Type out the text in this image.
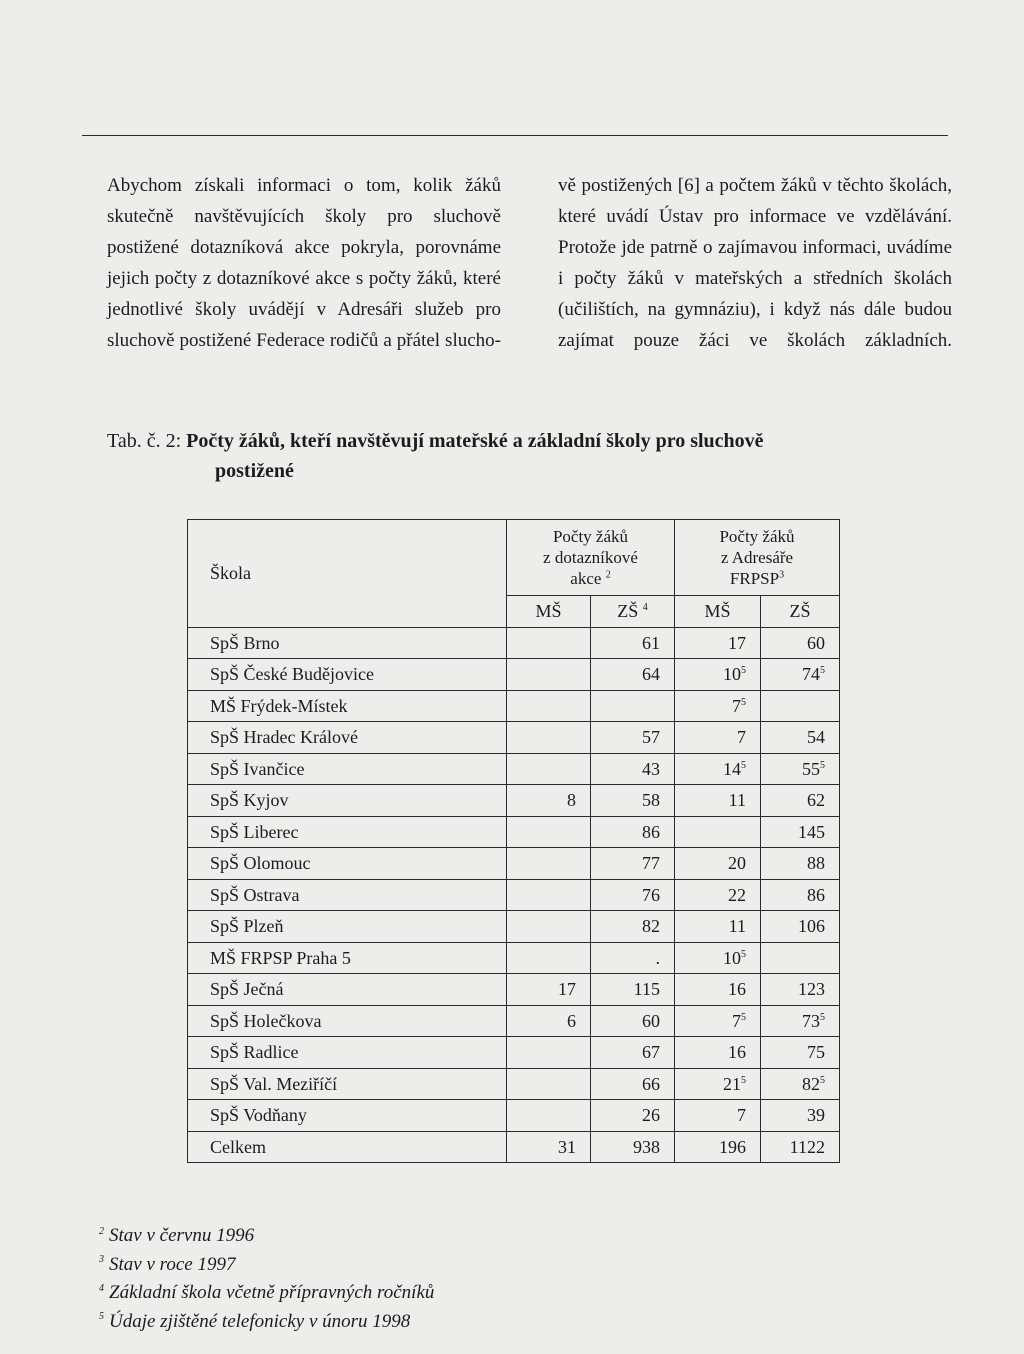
Abychom získali informaci o tom, kolik žáků skutečně navštěvujících školy pro sluchově postižené dotazníková akce pokryla, porovnáme jejich počty z dotazníkové akce s počty žáků, které jednotlivé školy uvádějí v Adresáři služeb pro sluchově postižené Federace rodičů a přátel slucho-

vě postižených [6] a počtem žáků v těchto školách, které uvádí Ústav pro informace ve vzdělávání. Protože jde patrně o zajímavou informaci, uvádíme i počty žáků v mateřských a středních školách (učilištích, na gymnáziu), i když nás dále budou zajímat pouze žáci ve školách základních.

Tab. č. 2: Počty žáků, kteří navštěvují mateřské a základní školy pro sluchově
postižené
Škola	Počty žáků
z dotazníkové
akce $^2$		Počty žáků
z Adresáře
FRPSP$^3$
	MŠ	ZŠ $^4$	MŠ	ZŠ
SpŠ Brno		61	17	60
SpŠ České Budějovice		64	$10^5$	$74^5$
MŠ Frýdek-Místek			$7^5$	
SpŠ Hradec Králové		57	7	54
SpŠ Ivančice		43	$14^5$	$55^5$
SpŠ Kyjov	8	58	11	62
SpŠ Liberec		86		145
SpŠ Olomouc		77	20	88
SpŠ Ostrava		76	22	86
SpŠ Plzeň		82	11	106
MŠ FRPSP Praha 5		.	$10^5$	
SpŠ Ječná	17	115	16	123
SpŠ Holečkova	6	60	$7^5$	$73^5$
SpŠ Radlice		67	16	75
SpŠ Val. Meziříčí		66	$21^5$	$82^5$
SpŠ Vodňany		26	7	39
Celkem	31	938	196	1122
$^2$ Stav v červnu 1996
$^3$ Stav v roce 1997
$^4$ Základní škola včetně přípravných ročníků
$^5$ Údaje zjištěné telefonicky v únoru 1998
